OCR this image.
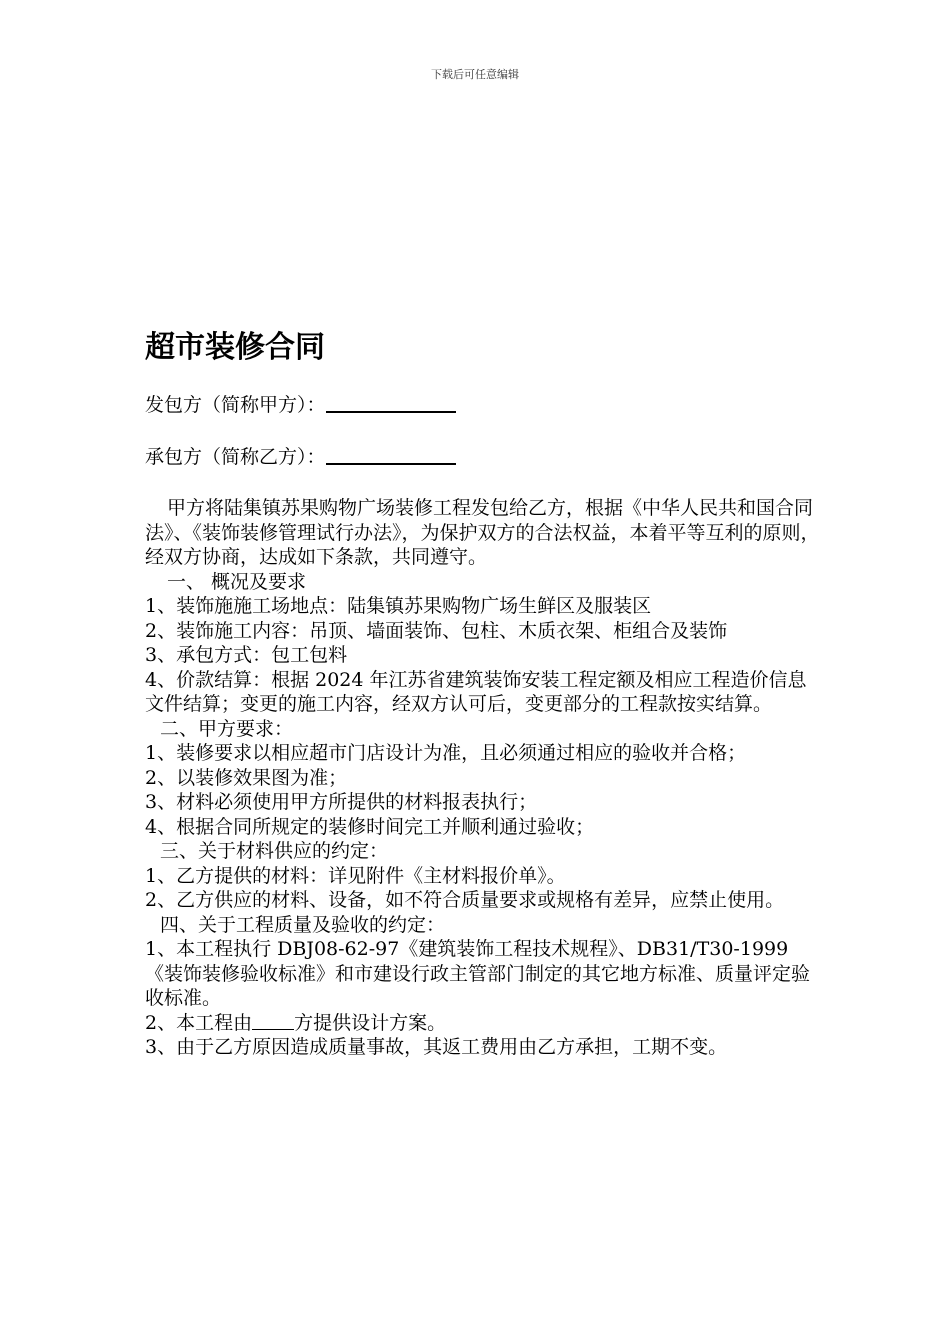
下载后可任意编辑
超市装修合同
发包方（简称甲方）：
承包方（简称乙方）：

甲方将陆集镇苏果购物广场装修工程发包给乙方，根据《中华人民共和国合同法》、《装饰装修管理试行办法》，为保护双方的合法权益，本着平等互利的原则，经双方协商，达成如下条款，共同遵守。

一、 概况及要求

1、装饰施施工场地点：陆集镇苏果购物广场生鲜区及服装区

2、装饰施工内容：吊顶、墙面装饰、包柱、木质衣架、柜组合及装饰

3、承包方式：包工包料

4、价款结算：根据 2024 年江苏省建筑装饰安装工程定额及相应工程造价信息文件结算；变更的施工内容，经双方认可后，变更部分的工程款按实结算。

二、甲方要求：

1、装修要求以相应超市门店设计为准，且必须通过相应的验收并合格；

2、以装修效果图为准；

3、材料必须使用甲方所提供的材料报表执行；

4、根据合同所规定的装修时间完工并顺利通过验收；

三、关于材料供应的约定：

1、乙方提供的材料：详见附件《主材料报价单》。

2、乙方供应的材料、设备，如不符合质量要求或规格有差异，应禁止使用。

四、关于工程质量及验收的约定：

1、本工程执行 DBJ08-62-97《建筑装饰工程技术规程》、DB31/T30-1999《装饰装修验收标准》和市建设行政主管部门制定的其它地方标准、质量评定验收标准。

2、本工程由 方提供设计方案。

3、由于乙方原因造成质量事故，其返工费用由乙方承担，工期不变。
